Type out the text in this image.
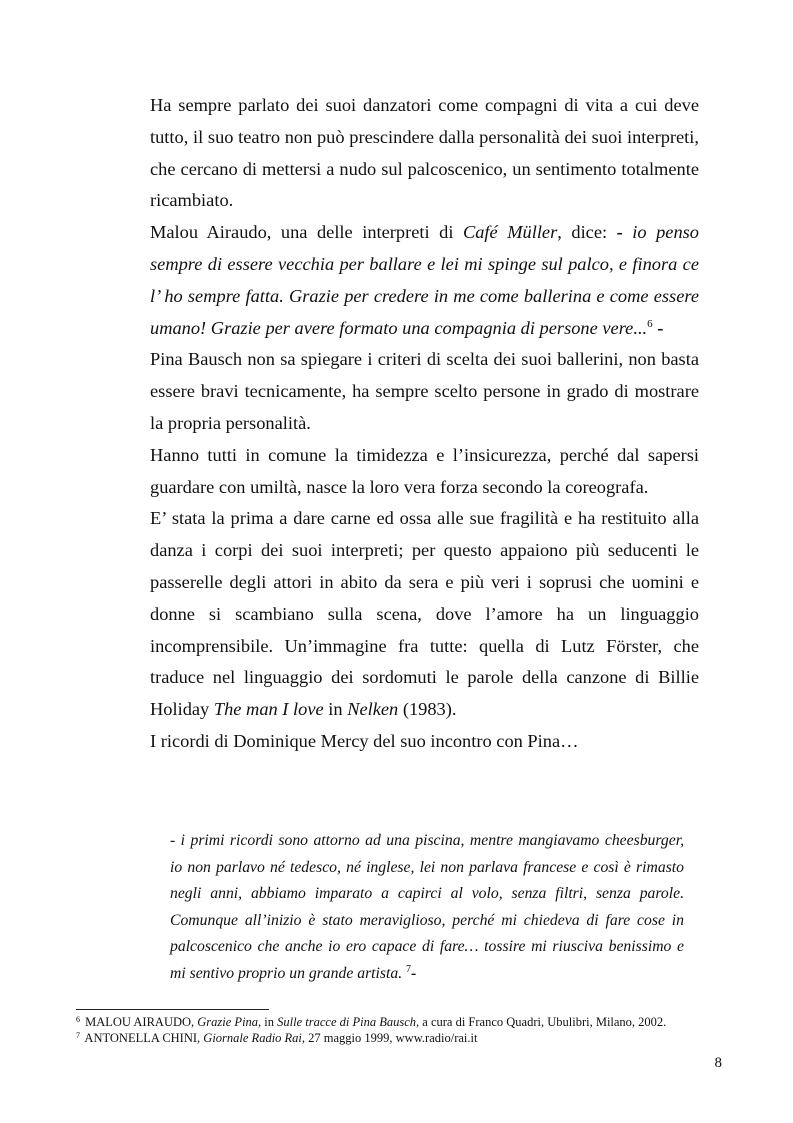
Ha sempre parlato dei suoi danzatori come compagni di vita a cui deve tutto, il suo teatro non può prescindere dalla personalità dei suoi interpreti, che cercano di mettersi a nudo sul palcoscenico, un sentimento totalmente ricambiato.

Malou Airaudo, una delle interpreti di Café Müller, dice: - io penso sempre di essere vecchia per ballare e lei mi spinge sul palco, e finora ce l’ ho sempre fatta. Grazie per credere in me come ballerina e come essere umano! Grazie per avere formato una compagnia di persone vere...$^6$ -

Pina Bausch non sa spiegare i criteri di scelta dei suoi ballerini, non basta essere bravi tecnicamente, ha sempre scelto persone in grado di mostrare la propria personalità.

Hanno tutti in comune la timidezza e l’insicurezza, perché dal sapersi guardare con umiltà, nasce la loro vera forza secondo la coreografa.

E’ stata la prima a dare carne ed ossa alle sue fragilità e ha restituito alla danza i corpi dei suoi interpreti; per questo appaiono più seducenti le passerelle degli attori in abito da sera e più veri i soprusi che uomini e donne si scambiano sulla scena, dove l’amore ha un linguaggio incomprensibile. Un’immagine fra tutte: quella di Lutz Förster, che traduce nel linguaggio dei sordomuti le parole della canzone di Billie Holiday The man I love in Nelken (1983).

I ricordi di Dominique Mercy del suo incontro con Pina…

- i primi ricordi sono attorno ad una piscina, mentre mangiavamo cheesburger,

io non parlavo né tedesco, né inglese, lei non parlava francese e così è rimasto

negli anni, abbiamo imparato a capirci al volo, senza filtri, senza parole.

Comunque all’inizio è stato meraviglioso, perché mi chiedeva di fare cose in

palcoscenico che anche io ero capace di fare… tossire mi riusciva benissimo e

mi sentivo proprio un grande artista. $^7$-

$^6$ MALOU AIRAUDO, Grazie Pina, in Sulle tracce di Pina Bausch, a cura di Franco Quadri, Ubulibri, Milano, 2002.

$^7$ ANTONELLA CHINI, Giornale Radio Rai, 27 maggio 1999, www.radio/rai.it

8
